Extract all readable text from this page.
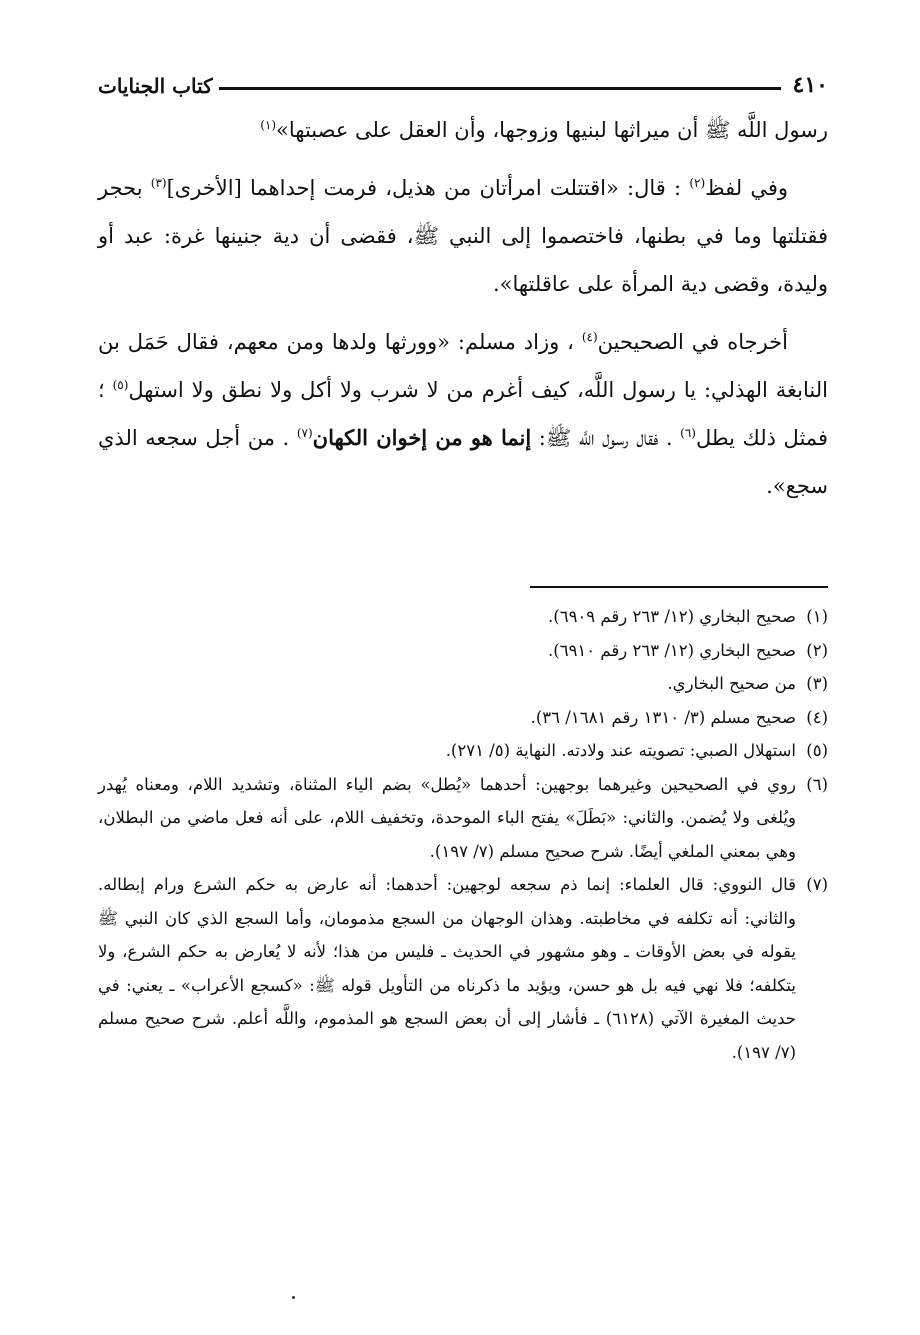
٤١٠
كتاب الجنايات

رسول اللَّه ﷺ أن ميراثها لبنيها وزوجها، وأن العقل على عصبتها»$^{(١)}$

وفي لفظ$^{(٢)}$ : قال: «اقتتلت امرأتان من هذيل، فرمت إحداهما [الأخرى]$^{(٣)}$ بحجر فقتلتها وما في بطنها، فاختصموا إلى النبي ﷺ، فقضى أن دية جنينها غرة: عبد أو وليدة، وقضى دية المرأة على عاقلتها».

أخرجاه في الصحيحين$^{(٤)}$ ، وزاد مسلم: «وورثها ولدها ومن معهم، فقال حَمَل بن النابغة الهذلي: يا رسول اللَّه، كيف أغرم من لا شرب ولا أكل ولا نطق ولا استهل$^{(٥)}$ ؛ فمثل ذلك يطل$^{(٦)}$ . فقال رسول اللَّه ﷺ: إنما هو من إخوان الكهان$^{(٧)}$ . من أجل سجعه الذي سجع».

(١)
صحيح البخاري (١٢/ ٢٦٣ رقم ٦٩٠٩).
(٢)
صحيح البخاري (١٢/ ٢٦٣ رقم ٦٩١٠).
(٣)
من صحيح البخاري.
(٤)
صحيح مسلم (٣/ ١٣١٠ رقم ١٦٨١/ ٣٦).
(٥)
استهلال الصبي: تصويته عند ولادته. النهاية (٥/ ٢٧١).
(٦)
روي في الصحيحين وغيرهما بوجهين: أحدهما «يُطل» بضم الياء المثناة، وتشديد اللام، ومعناه يُهدر ويُلغى ولا يُضمن. والثاني: «بَطَلَ» يفتح الباء الموحدة، وتخفيف اللام، على أنه فعل ماضي من البطلان، وهي بمعني الملغي أيضًا. شرح صحيح مسلم (٧/ ١٩٧).
(٧)
قال النووي: قال العلماء: إنما ذم سجعه لوجهين: أحدهما: أنه عارض به حكم الشرع ورام إبطاله. والثاني: أنه تكلفه في مخاطبته. وهذان الوجهان من السجع مذمومان، وأما السجع الذي كان النبي ﷺ يقوله في بعض الأوقات ـ وهو مشهور في الحديث ـ فليس من هذا؛ لأنه لا يُعارض به حكم الشرع، ولا يتكلفه؛ فلا نهي فيه بل هو حسن، ويؤيد ما ذكرناه من التأويل قوله ﷺ: «كسجع الأعراب» ـ يعني: في حديث المغيرة الآتي (٦١٢٨) ـ فأشار إلى أن بعض السجع هو المذموم، واللَّه أعلم. شرح صحيح مسلم (٧/ ١٩٧).
